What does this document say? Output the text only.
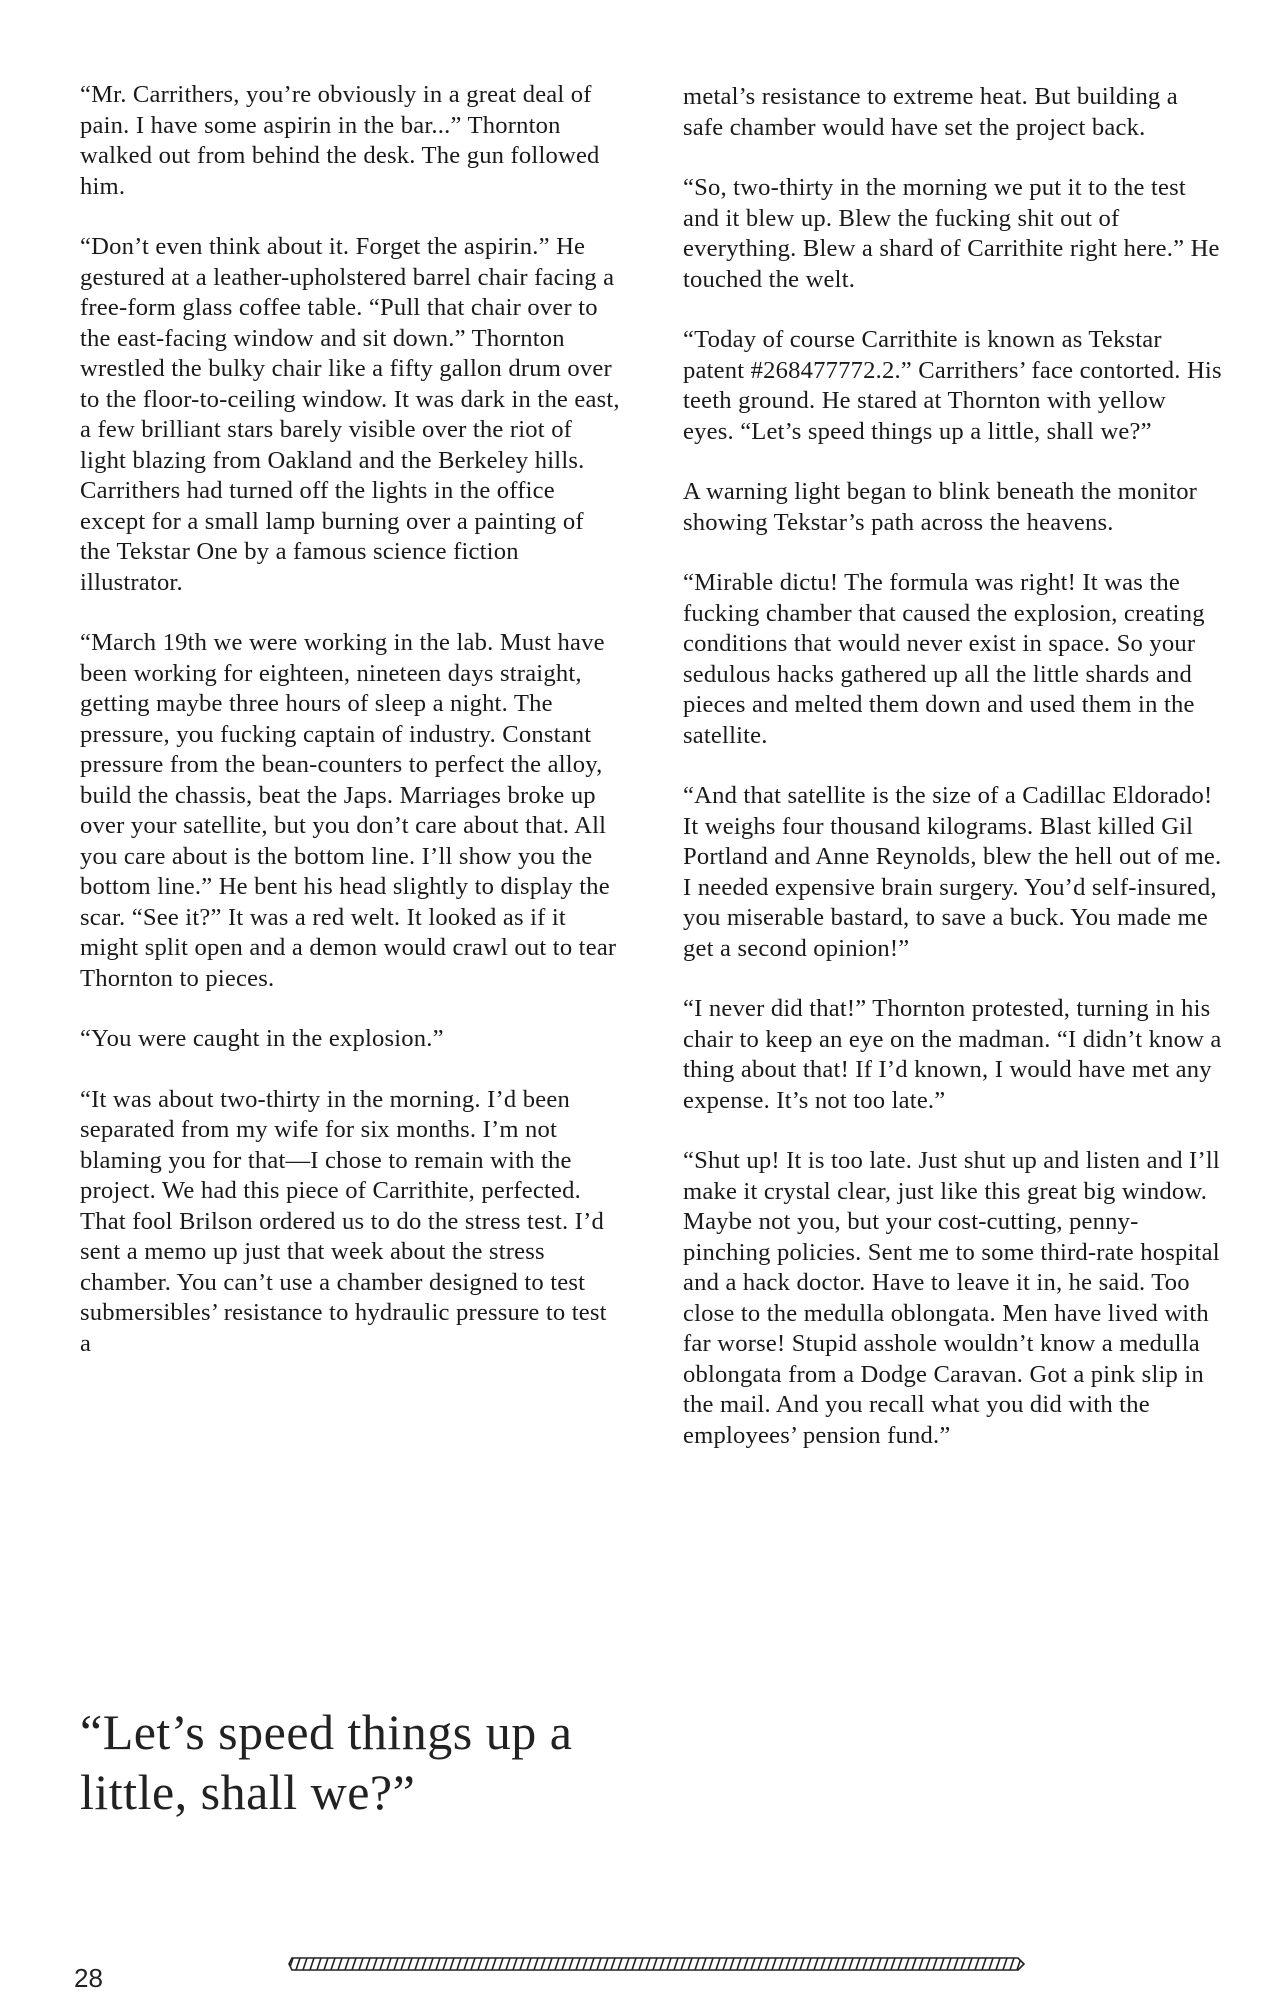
“Mr. Carrithers, you’re obviously in a great deal of pain. I have some aspirin in the bar...” Thornton walked out from behind the desk. The gun followed him.

“Don’t even think about it. Forget the aspirin.” He gestured at a leather-upholstered barrel chair facing a free-form glass coffee table. “Pull that chair over to the east-facing window and sit down.” Thornton wrestled the bulky chair like a fifty gallon drum over to the floor-to-ceiling window. It was dark in the east, a few brilliant stars barely visible over the riot of light blazing from Oakland and the Berkeley hills. Carrithers had turned off the lights in the office except for a small lamp burning over a painting of the Tekstar One by a famous science fiction illustrator.

“March 19th we were working in the lab. Must have been working for eighteen, nineteen days straight, getting maybe three hours of sleep a night. The pressure, you fucking captain of industry. Constant pressure from the bean-counters to perfect the alloy, build the chassis, beat the Japs. Marriages broke up over your satellite, but you don’t care about that. All you care about is the bottom line. I’ll show you the bottom line.” He bent his head slightly to display the scar. “See it?” It was a red welt. It looked as if it might split open and a demon would crawl out to tear Thornton to pieces.

“You were caught in the explosion.”

“It was about two-thirty in the morning. I’d been separated from my wife for six months. I’m not blaming you for that—I chose to remain with the project. We had this piece of Carrithite, perfected. That fool Brilson ordered us to do the stress test. I’d sent a memo up just that week about the stress chamber. You can’t use a chamber designed to test submersibles’ resistance to hydraulic pressure to test a

metal’s resistance to extreme heat. But building a safe chamber would have set the project back.

“So, two-thirty in the morning we put it to the test and it blew up. Blew the fucking shit out of everything. Blew a shard of Carrithite right here.” He touched the welt.

“Today of course Carrithite is known as Tekstar patent #268477772.2.” Carrithers’ face contorted. His teeth ground. He stared at Thornton with yellow eyes. “Let’s speed things up a little, shall we?”

A warning light began to blink beneath the monitor showing Tekstar’s path across the heavens.

“Mirable dictu! The formula was right! It was the fucking chamber that caused the explosion, creating conditions that would never exist in space. So your sedulous hacks gathered up all the little shards and pieces and melted them down and used them in the satellite.

“And that satellite is the size of a Cadillac Eldorado! It weighs four thousand kilograms. Blast killed Gil Portland and Anne Reynolds, blew the hell out of me. I needed expensive brain surgery. You’d self-insured, you miserable bastard, to save a buck. You made me get a second opinion!”

“I never did that!” Thornton protested, turning in his chair to keep an eye on the madman. “I didn’t know a thing about that! If I’d known, I would have met any expense. It’s not too late.”

“Shut up! It is too late. Just shut up and listen and I’ll make it crystal clear, just like this great big window. Maybe not you, but your cost-cutting, penny-pinching policies. Sent me to some third-rate hospital and a hack doctor. Have to leave it in, he said. Too close to the medulla oblongata. Men have lived with far worse! Stupid asshole wouldn’t know a medulla oblongata from a Dodge Caravan. Got a pink slip in the mail. And you recall what you did with the employees’ pension fund.”

“Let’s speed things up a little, shall we?”
28
